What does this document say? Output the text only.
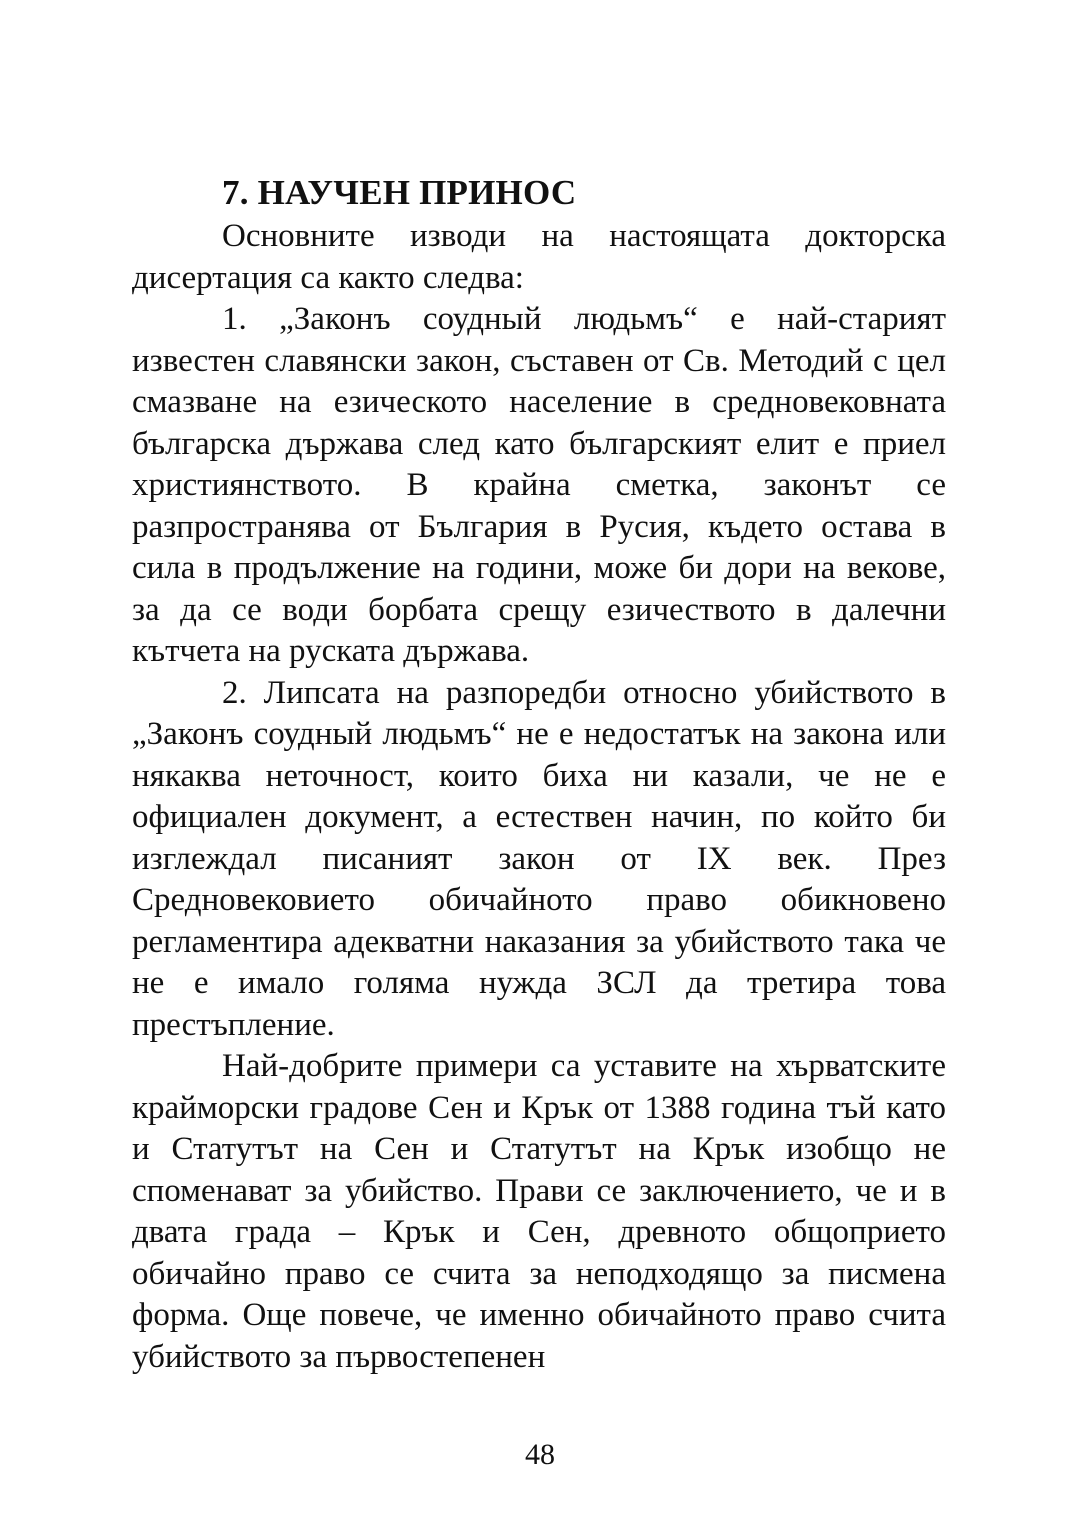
7. НАУЧЕН ПРИНОС

Основните изводи на настоящата докторска дисертация са както следва:

1. „Законъ соудный людьмъ“ е най-старият известен славянски закон, съставен от Св. Методий с цел смазване на езическото население в средновековната българска държава след като българският елит е приел християнството. В крайна сметка, законът се разпространява от България в Русия, където остава в сила в продължение на години, може би дори на векове, за да се води борбата срещу езичеството в далечни кътчета на руската държава.

2. Липсата на разпоредби относно убийството в „Законъ соудный людьмъ“ не е недостатък на закона или някаква неточност, които биха ни казали, че не е официален документ, а естествен начин, по който би изглеждал писаният закон от IX век. През Средновековието обичайното право обикновено регламентира адекватни наказания за убийството така че не е имало голяма нужда ЗСЛ да третира това престъпление.

Най-добрите примери са уставите на хърватските крайморски градове Сен и Крък от 1388 година тъй като и Статутът на Сен и Статутът на Крък изобщо не споменават за убийство. Прави се заключението, че и в двата града – Крък и Сен, древното общоприето обичайно право се счита за неподходящо за писмена форма. Още повече, че именно обичайното право счита убийството за първостепенен

48
